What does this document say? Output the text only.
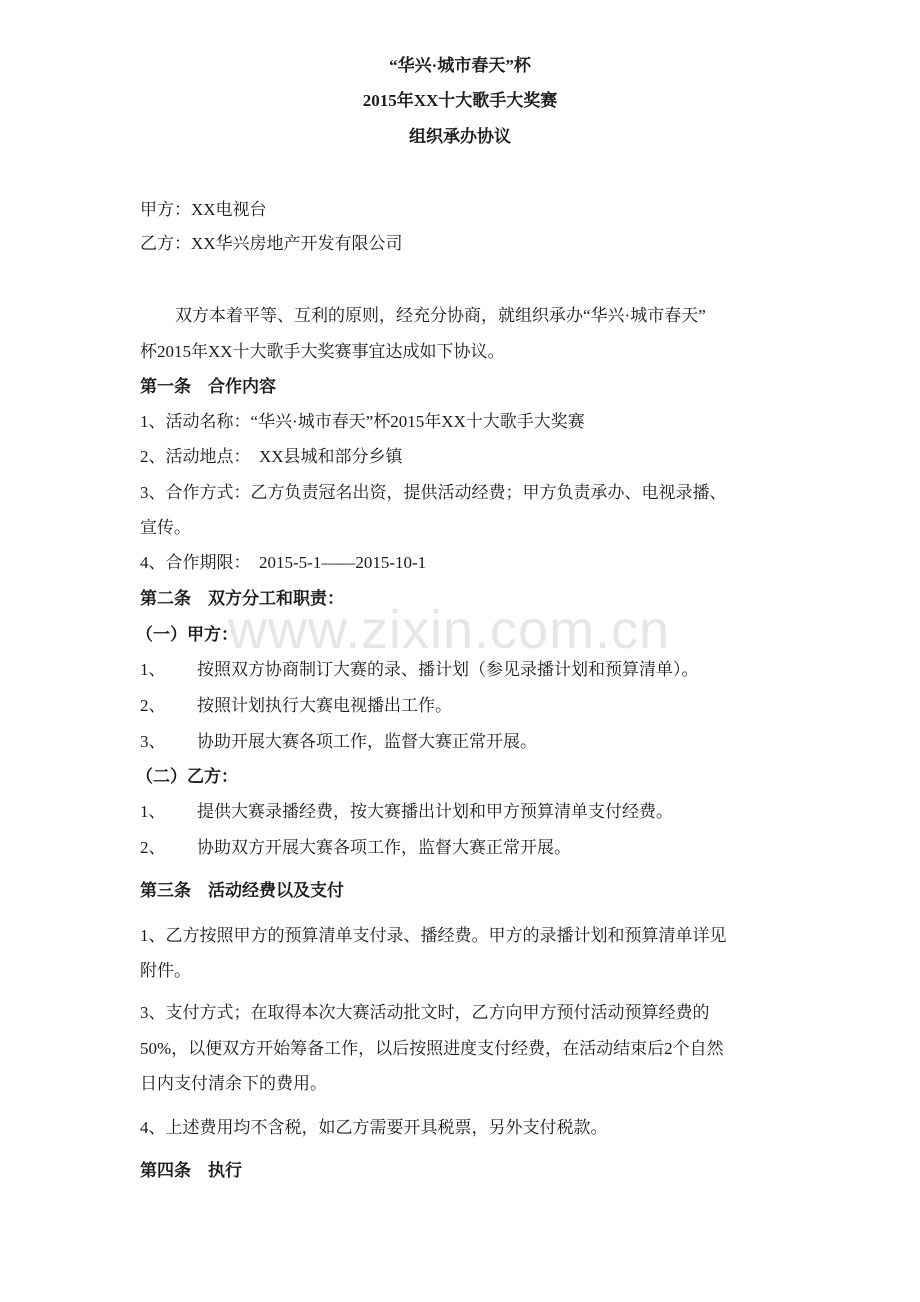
www.zixin.com.cn
“华兴·城市春天”杯
2015年XX十大歌手大奖赛
组织承办协议
甲方：XX电视台
乙方：XX华兴房地产开发有限公司
双方本着平等、互利的原则，经充分协商，就组织承办“华兴·城市春天”
杯2015年XX十大歌手大奖赛事宜达成如下协议。
第一条　合作内容
1、活动名称：“华兴·城市春天”杯2015年XX十大歌手大奖赛
2、活动地点：　XX县城和部分乡镇
3、合作方式：乙方负责冠名出资，提供活动经费；甲方负责承办、电视录播、
宣传。
4、合作期限：　2015-5-1——2015-10-1
第二条　双方分工和职责：
（一）甲方：
1、 按照双方协商制订大赛的录、播计划（参见录播计划和预算清单）。
2、 按照计划执行大赛电视播出工作。
3、 协助开展大赛各项工作，监督大赛正常开展。
（二）乙方：
1、 提供大赛录播经费，按大赛播出计划和甲方预算清单支付经费。
2、 协助双方开展大赛各项工作，监督大赛正常开展。
第三条　活动经费以及支付
1、乙方按照甲方的预算清单支付录、播经费。甲方的录播计划和预算清单详见
附件。
3、支付方式；在取得本次大赛活动批文时，乙方向甲方预付活动预算经费的
50%，以便双方开始筹备工作，以后按照进度支付经费，在活动结束后2个自然
日内支付清余下的费用。
4、上述费用均不含税，如乙方需要开具税票，另外支付税款。
第四条　执行
